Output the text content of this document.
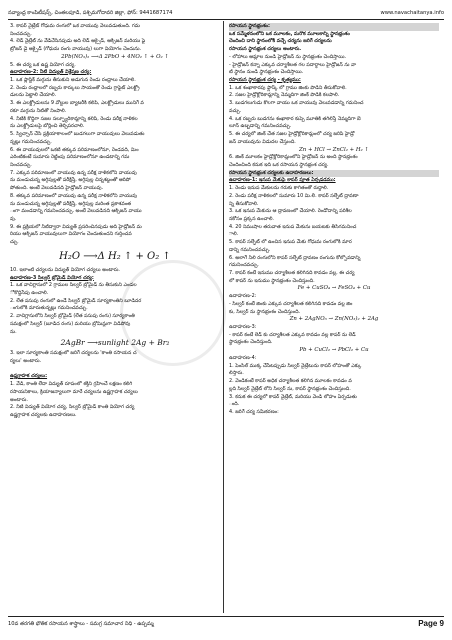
నవ్యాంధ్ర కాంపిటీషన్స్, చింతలపూడి, పశ్చిమగోదావరి జిల్లా, ఫోన్: 9441687174	www.navachaitanya.info
3. కాపర్ నైట్రేట్ గోధుమ రంగులో ఒక వాయువు వెలువడుతుంది. గమ
నించవచ్చు.
4. లెడ్ నైట్రేట్ ను వేడిచేసినపుడు అది లెడ్ ఆక్సైడ్, ఆక్సిజన్ మరియు ఫై
ట్రోజన్ డై ఆక్సైడ్ (గోధుమ రంగు వాయువు) లుగా వియోగం చెందును.
2Pb(NO₃)₂ ⟶Δ 2PbO + 4NO₂ ↑ + O₂ ↑
5. ఈ చర్య ఒక ఉష్ణ వియోగ చర్య.
ఉదాహరణ-2: నీటి విద్యుత్ విశ్లేషణ చర్య:
1. ఒక ప్లాస్టిక్ మగ్గును తీసుకుని అడుగున రెండు రంధ్రాలు చేయాలి.
2. రెండు రంధ్రాలలో రబ్బరు కార్కులు సాయంతో రెండు గ్రాఫైట్ ఎలక్ట్రో
డులను పెట్టాలి చేయాలి.
3. ఈ ఎలక్ట్రోడులను 9 వోల్టుల బ్యాటరీకి కలిపి, ఎలక్ట్రోడులు మునిగే వ
రకూ మగ్గును నీటితో నింపాలి.
4. నీటికి కొద్దిగా సజల సల్ఫ్యూరికామ్లాన్ని కలిపి, రెండు పరీక్ష నాళికల
ను ఎలక్ట్రోడులపై బోర్లించి తెర్చిపరచాలి.
5. స్విచ్చాన్ చేసి ప్రక్రియాకాలంలో బుడగలుగా వాయువులు వెలువడుతు
న్నట్లు గమనించవచ్చు.
6. ఈ వాయువులలో ఒకటి తక్కువ పరిమాణంలోనూ, రెండవది, మిం
ఎరింటికంటే సుమారు రెట్టింపు పరిమాణంలోనూ ఉండటాన్ని గమ
నించవచ్చు.
7. ఎక్కువ పరిమాణంలో వాయువు ఉన్న పరీక్ష నాళికలోని వాయువు
ను మండుచున్న అగ్గిపుల్లతో పరీక్షిస్తే, అగ్గిపుల్ల చిన్నశబ్దంతో ఆరిపో
పోతుంది. అంటే వెలువడినది హైడ్రోజన్ వాయువు.
8. తక్కువ పరిమాణంలో వాయువు ఉన్న పరీక్ష నాళికలోని వాయువు
ను మండుచున్న అగ్గిపుల్లతో పరీక్షిస్తే, అగ్గిపుల్ల మరింత ప్రకాశవంత
ంగా మండడాన్ని గమనించవచ్చు. అంటే వెలువడినది ఆక్సిజన్ వాయు
వు.
9. ఈ ప్రక్రియలో నీటిద్వారా విద్యుత్ ప్రసరించినపుడు అది హైడ్రోజన్ మ
రియు ఆక్సిజన్ వాయువులుగా వియోగం చెందుతుందని గుర్తించవ
చ్చు.
H₂O ⟶Δ H₂ ↑ + O₂ ↑
10. ఇలాంటి చర్యలను విద్యుత్ వియోగ చర్యలు అంటారు.
ఉదాహరణ-3 సిల్వర్ బ్రోమైడ్ వియోగ చర్య:
1. ఒక వాచిగ్లాసులో 2 గ్రాముల సిల్వర్ బ్రోమైడ్ ను తీసుకుని ఎండల
ో కొద్దిసేపు ఉంచాలి.
2. లేత పసుపు రంగులో ఉండే సిల్వర్ బ్రోమైడ్ సూర్యకాంతిని బూడిదర
ంగులోకి మారుతున్నట్లు గమనించవచ్చు.
2. వాచిగ్లాసులోని సిల్వర్ బ్రోమైడ్ (లేత పసుపు రంగు) సూర్యకాంతి
సమక్షంలో సిల్వర్ (బూడిద రంగు) మరియు బ్రోమిన్లుగా విడిపోవు
ను.
2AgBr ⟶sunlight 2Ag + Br₂
3. ఇలా సూర్యకాంతి సమక్షంలో జరిగే చర్యలను 'కాంతి రసాయన చ
ర్యలు' అంటారు.
ఉష్ణగ్రాహక చర్యలు:
1. వేడి, కాంతి లేదా విద్యుత్ రూపంలో శక్తిని గ్రహించే లక్షణం కలిగి
రసాయనికాలు, క్రియాజన్యాలుగా మారే చర్యలను ఉష్ణగ్రాహక చర్యలు
అంటారు.
2. నీటి విద్యుత్ వియోగ చర్య, సిల్వర్ బ్రోమైడ్ కాంతి వియోగ చర్య
ఉష్ణగ్రాహక చర్యలకు ఉదాహరణలు.
రసాయన స్థానభ్రంశం:
ఒక సమ్మేళనంలోని ఒక మూలకం, మరొక మూలకాన్ని స్థానభ్రంశం
చెందించి దాని స్థానంలోకి వచ్చే చర్యను జరిగే చర్యలను
రసాయన స్థానభ్రంశ చర్యలు అంటారు.
- లోహాలు ఆమ్లాల నుండి హైడ్రోజన్ ను స్థానభ్రంశం చెందిస్తాయి.
- హైడ్రోజన్ కన్నా ఎక్కువ చర్యాశీలత గల పదార్థాలు హైడ్రోజన్ ను వా
టి స్థానం నుండి స్థానభ్రంశం చెందిస్తాయి.
రసాయన స్థానభ్రంశ చర్య - కృత్యము:
1. ఒక శంఖాకారపు ఫ్లాస్క్ లో గ్రాము జింకు పొడిని తీసుకోవాలి.
2. సజల హైడ్రోక్లోరికామ్లాన్ని నెమ్మదిగా జింక్ పొడికి కలపాలి.
3. బుడగలుగుడు కొలగా వాయు ఒక వాయువు వెలువడడాన్ని గమనించ
వచ్చు.
4. ఒక రబ్బరు బుడగను శంఖాకార కుప్పె మూతికి తగిలిస్తే నెమ్మదిగా బె
లూన్ ఉబ్బడాన్ని గమనించవచ్చు.
5. ఈ చర్యలో జింక్ చేత సజల హైడ్రోక్లోరికామ్లంలో చర్య జరిపి హైడ్రో
జన్ వాయువును విడుదల చేస్తుంది.
Zn + HCl → ZnCl₂ + H₂ ↑
6. జింక్ మూలకం హైడ్రోక్లోరికామ్లంలోని హైడ్రోజన్ ను అంది స్థానభ్రంశం
చెందించింది కనుక ఇది ఒక రసాయన స్థానభ్రంశ చర్య.
రసాయన స్థానభ్రంశ చర్యలకు ఉదాహరణలు:
ఉదాహరణ-1: ఇనుప మేకుపై కాపర్ పూత ఏర్పడడము:
1. రెండు ఇనుప మేకులను గరుకు కాగితంతో రుద్దాలి.
2. రెండు పరీక్ష నాళికలలో సుమారు 10 మి.లీ. కాపర్ సల్ఫేట్ ద్రావణా
న్ని తీసుకోవాలి.
3. ఒక ఇనుప మేకును ఆ ద్రావణంలో చేయాలి. రెండోదాన్ని పరిశీల
నకోసం ప్రక్కన ఉంచాలి.
4. 20 నిముషాల తరువాత ఇనుప మేకును బయటకు తీసిగమనించ
ాలి.
5. కాపర్ సల్ఫేట్ లో ఉంచిన ఇనుప మేకు గోధుమ రంగులోకి మార
డాన్ని గమనించవచ్చు.
6. అలాగే నీలి రంగులోని కాపర్ సల్ఫేట్ ద్రావణం రంగును కోల్పోవడాన్ని
గమనించవచ్చు.
7. కాపర్ కంటే ఇనుము చర్యాశీలత కలిగినది కావడం వల్ల, ఈ చర్య
లో కాపర్ ను ఇనుము స్థానభ్రంశం చెందిస్తుంది.
Fe + CuSO₄ → FeSO₄ + Cu
ఉదాహరణ-2:
- సిల్వర్ కంటే జింకు ఎక్కువ చర్యాశీలత కలిగినది కావడం వల్ల జిం
కు, సిల్వర్ ను స్థానభ్రంశం చెందిస్తుంది.
Zn + 2AgNO₃ → Zn(NO₃)₂ + 2Ag
ఉదాహరణ-3:
- కాపర్ కంటే లెడ్ కు చర్యాశీలత ఎక్కువ కావడం వల్ల కాపర్ ను లెడ్
స్థానభ్రంశం చెందిస్తుంది.
Pb + CuCl₂ → PbCl₂ + Cu
ఉదాహరణ-4:
1. పెంసిల్ ముక్క చేసేటప్పుడు సిల్వర్ నైట్రేటును కాపర్ లోహంతో ఎక్కు
లిస్తారు.
2. వెండికంటే కాపర్ అధిక చర్యాశీలత కలిగిన మూలకం కావడం వ
ల్లది సిల్వర్ నైట్రేట్ లోని సిల్వర్ ను, కాపర్ స్థానభ్రంశం చెందిస్తుంది.
3. కనుక ఈ చర్యలో కాపర్ నైట్రేట్, మరియు వెండి లోహం ఏర్పడుతు
ంది.
4. జరిగే చర్య సమీకరణం:
10వ తరగతి భౌతిక రసాయన శాస్త్రాలు - సమగ్ర సమాచార నిధి - ఉప్పమ్మ	Page 9
